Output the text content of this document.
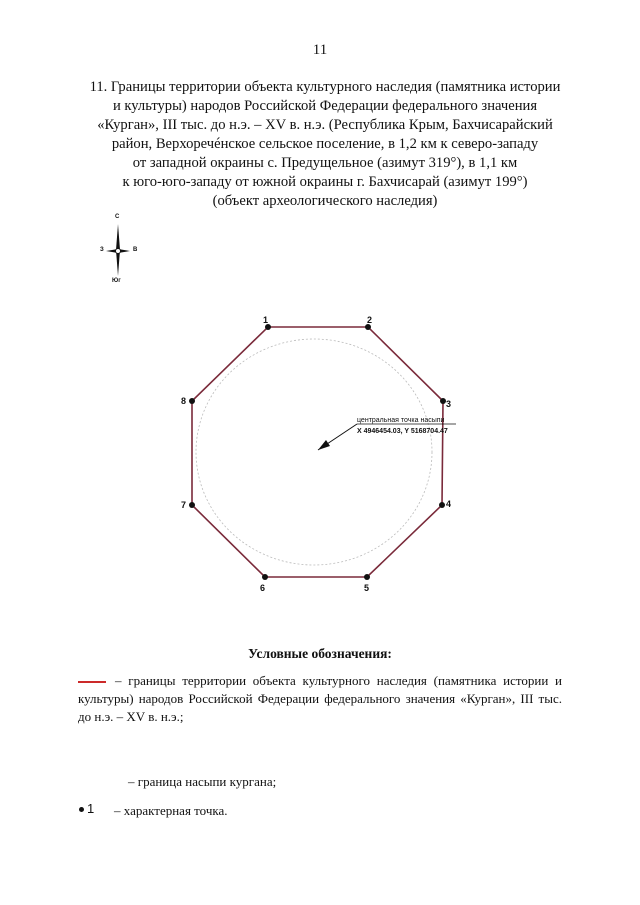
11
11. Границы территории объекта культурного наследия (памятника истории
и культуры) народов Российской Федерации федерального значения
«Курган», III тыс. до н.э. – XV в. н.э. (Республика Крым, Бахчисарайский
район, Верхоречéнское сельское поселение, в 1,2 км к северо-западу
от западной окраины с. Предущельное (азимут 319°), в 1,1 км
к юго-юго-западу от южной окраины г. Бахчисарай (азимут 199°)
(объект археологического наследия)
С
З	В
Юг
1	2
3
4
5
6
7
8
центральная точка насыпи
X 4946454.03, Y 5168704.47
Условные обозначения:
– границы территории объекта культурного наследия (памятника истории и культуры) народов Российской Федерации федерального значения «Курган», III тыс. до н.э. – XV в. н.э.;
– граница насыпи кургана;
1 – характерная точка.
